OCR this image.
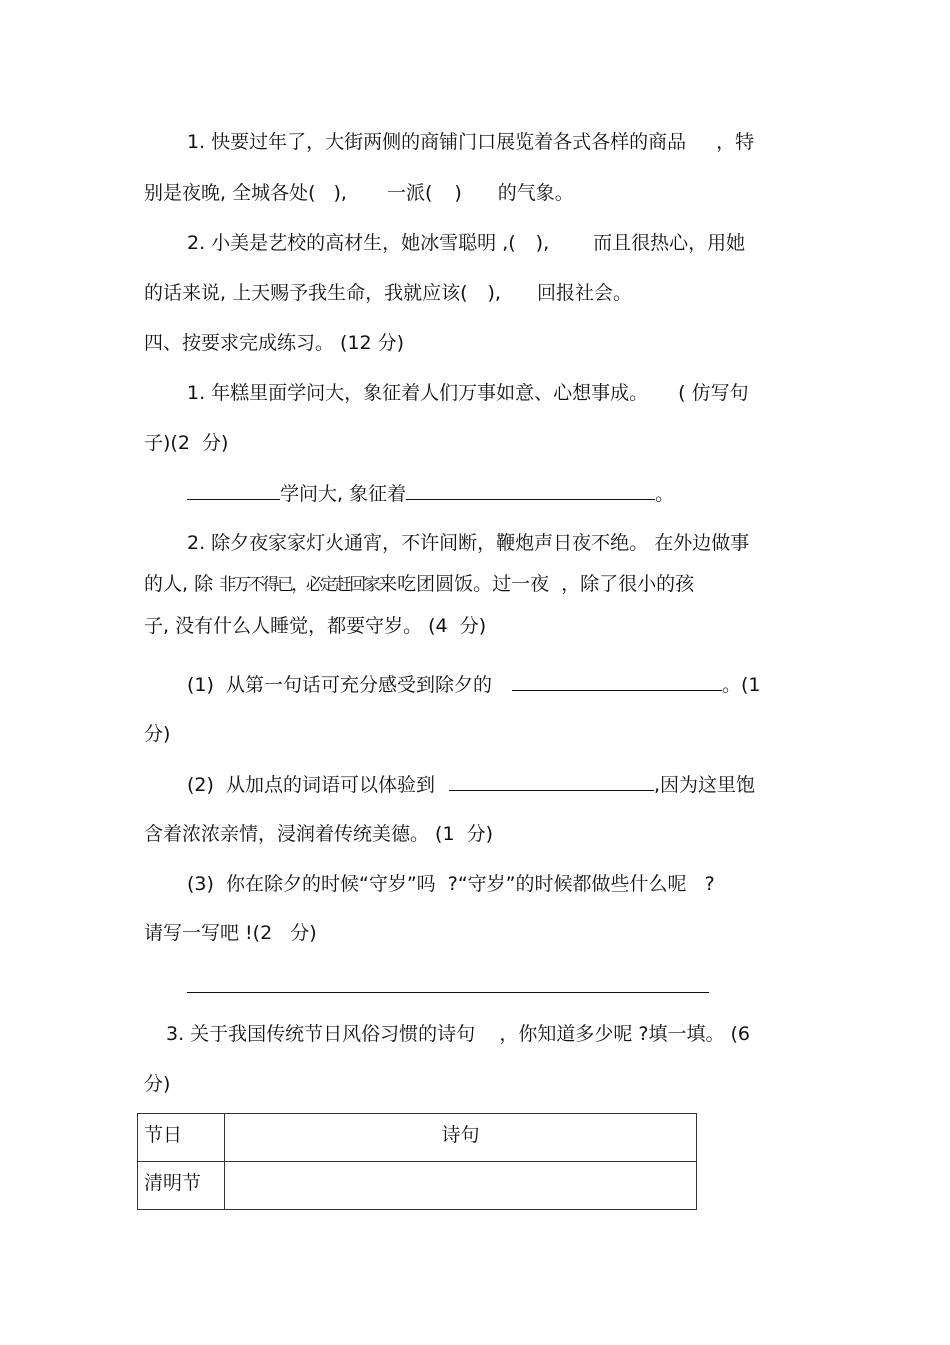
1. 快要过年了，大街两侧的商铺门口展览着各式各样的商品 ，特
别是夜晚, 全城各处( ), 一派( ) 的气象。
2. 小美是艺校的高材生，她冰雪聪明 ,( ), 而且很热心，用她
的话来说, 上天赐予我生命，我就应该( ), 回报社会。
四、按要求完成练习。 (12 分)
1. 年糕里面学问大，象征着人们万事如意、心想事成。 ( 仿写句
子)(2  分)
学问大, 象征着	。
2. 除夕夜家家灯火通宵，不许间断，鞭炮声日夜不绝。 在外边做事
的人, 除 非万不得已，必定赶回家来吃团圆饭。过一夜  ，除了很小的孩
子, 没有什么人睡觉，都要守岁。 (4  分)
(1)  从第一句话可充分感受到除夕的	。(1
分)
(2)  从加点的词语可以体验到	,因为这里饱
含着浓浓亲情，浸润着传统美德。 (1  分)
(3)  你在除夕的时候“守岁”吗  ?“守岁”的时候都做些什么呢   ?
请写一写吧 !(2   分)
3. 关于我国传统节日风俗习惯的诗句    ，你知道多少呢 ?填一填。 (6
分)
节日	诗句
清明节	
